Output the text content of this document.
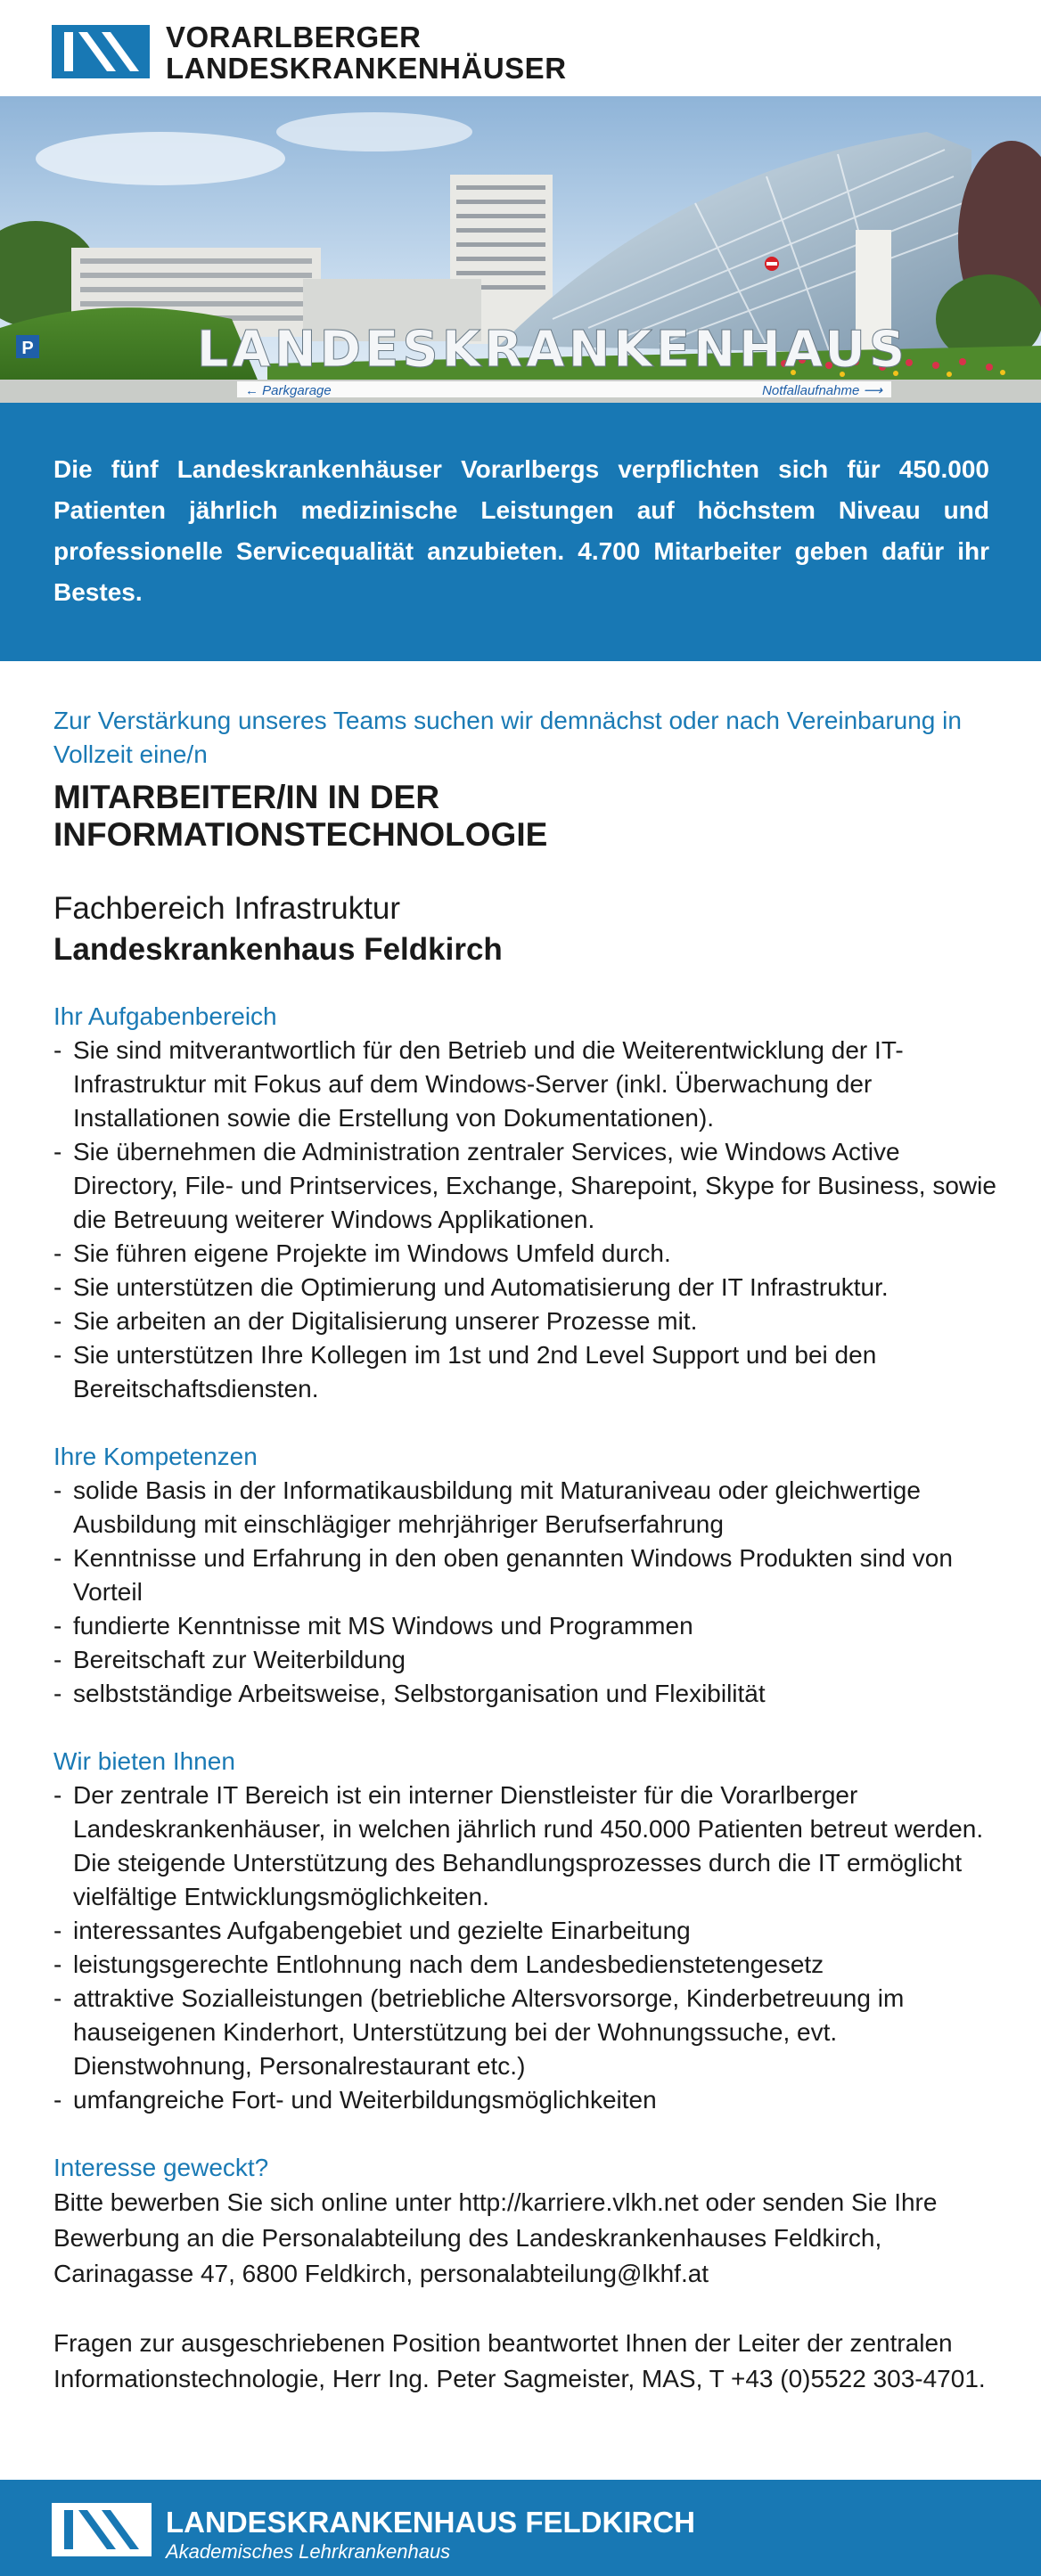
VORARLBERGER
LANDESKRANKENHÄUSER
P	LANDESKRANKENHAUS
← Parkgarage	Notfallaufnahme ⟶

Die fünf Landeskrankenhäuser Vorarlbergs verpflichten sich für 450.000 Patienten jährlich medizinische Leistungen auf höchstem Niveau und professionelle Servicequalität anzubieten. 4.700 Mitarbeiter geben dafür ihr Bestes.

Zur Verstärkung unseres Teams suchen wir demnächst oder nach Vereinbarung in Vollzeit eine/n

MITARBEITER/IN IN DER
INFORMATIONSTECHNOLOGIE

Fachbereich Infrastruktur

Landeskrankenhaus Feldkirch

Ihr Aufgabenbereich

- Sie sind mitverantwortlich für den Betrieb und die Weiterentwicklung der IT-Infrastruktur mit Fokus auf dem Windows-Server (inkl. Überwachung der Installationen sowie die Erstellung von Dokumentationen).
- Sie übernehmen die Administration zentraler Services, wie Windows Active Directory, File- und Printservices, Exchange, Sharepoint, Skype for Business, sowie die Betreuung weiterer Windows Applikationen.
- Sie führen eigene Projekte im Windows Umfeld durch.
- Sie unterstützen die Optimierung und Automatisierung der IT Infrastruktur.
- Sie arbeiten an der Digitalisierung unserer Prozesse mit.
- Sie unterstützen Ihre Kollegen im 1st und 2nd Level Support und bei den Bereitschaftsdiensten.

Ihre Kompetenzen

- solide Basis in der Informatikausbildung mit Maturaniveau oder gleichwertige Ausbildung mit einschlägiger mehrjähriger Berufserfahrung
- Kenntnisse und Erfahrung in den oben genannten Windows Produkten sind von Vorteil
- fundierte Kenntnisse mit MS Windows und Programmen
- Bereitschaft zur Weiterbildung
- selbstständige Arbeitsweise, Selbstorganisation und Flexibilität

Wir bieten Ihnen

- Der zentrale IT Bereich ist ein interner Dienstleister für die Vorarlberger Landeskrankenhäuser, in welchen jährlich rund 450.000 Patienten betreut werden. Die steigende Unterstützung des Behandlungsprozesses durch die IT ermöglicht vielfältige Entwicklungsmöglichkeiten.
- interessantes Aufgabengebiet und gezielte Einarbeitung
- leistungsgerechte Entlohnung nach dem Landesbedienstetengesetz
- attraktive Sozialleistungen (betriebliche Altersvorsorge, Kinderbetreuung im hauseigenen Kinderhort, Unterstützung bei der Wohnungssuche, evt. Dienstwohnung, Personalrestaurant etc.)
- umfangreiche Fort- und Weiterbildungsmöglichkeiten

Interesse geweckt?

Bitte bewerben Sie sich online unter http://karriere.vlkh.net oder senden Sie Ihre Bewerbung an die Personalabteilung des Landeskrankenhauses Feldkirch, Carinagasse 47, 6800 Feldkirch, personalabteilung@lkhf.at

Fragen zur ausgeschriebenen Position beantwortet Ihnen der Leiter der zentralen Informationstechnologie, Herr Ing. Peter Sagmeister, MAS, T +43 (0)5522 303-4701.

LANDESKRANKENHAUS FELDKIRCH
Akademisches Lehrkrankenhaus
